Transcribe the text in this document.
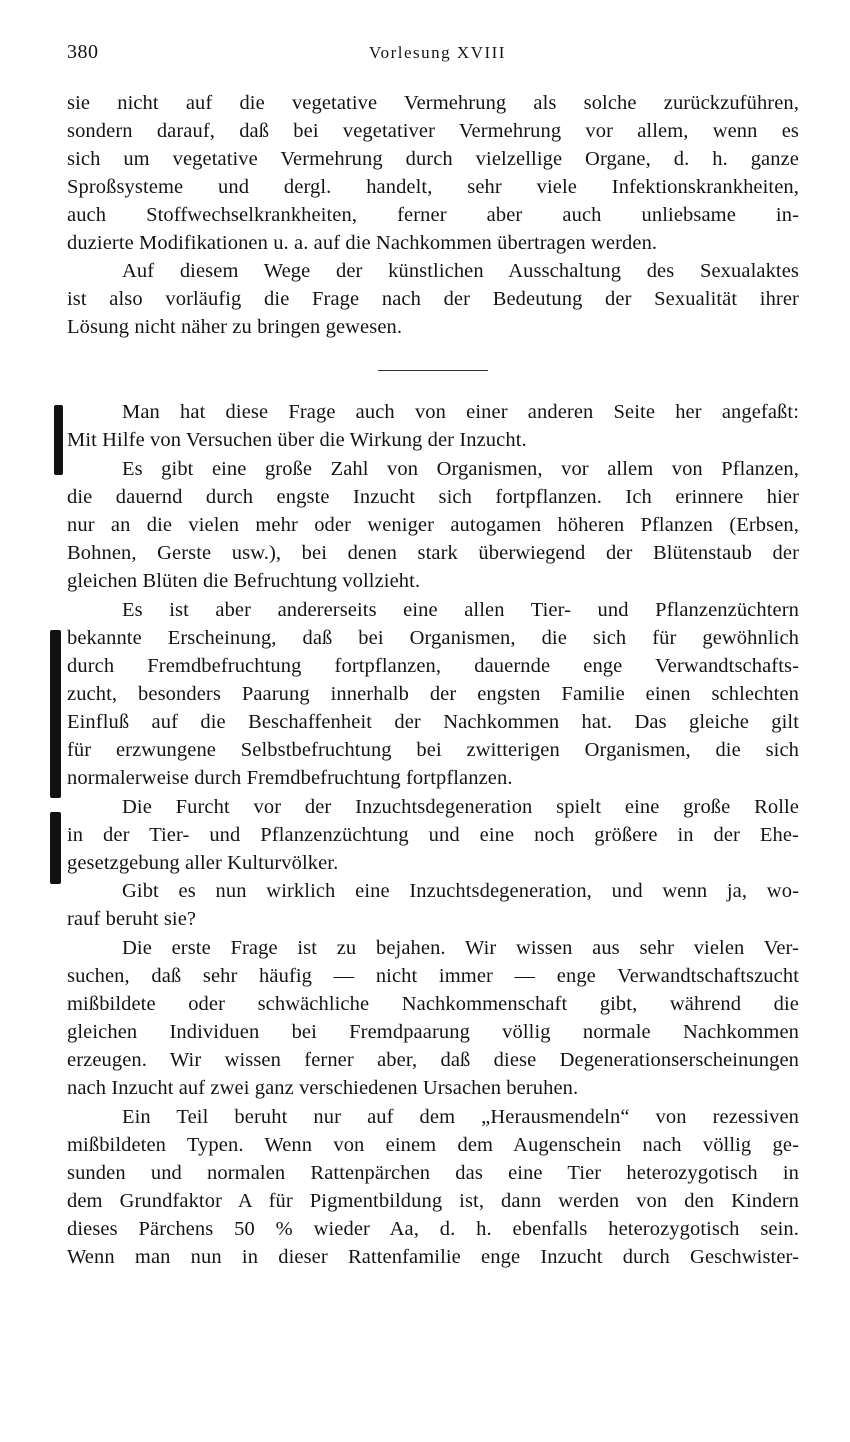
380	Vorlesung XVIII
sie nicht auf die vegetative Vermehrung als solche zurückzuführen,
sondern darauf, daß bei vegetativer Vermehrung vor allem, wenn es
sich um vegetative Vermehrung durch vielzellige Organe, d. h. ganze
Sproßsysteme und dergl. handelt, sehr viele Infektionskrankheiten,
auch Stoffwechselkrankheiten, ferner aber auch unliebsame in-
duzierte Modifikationen u. a. auf die Nachkommen übertragen werden.
Auf diesem Wege der künstlichen Ausschaltung des Sexualaktes
ist also vorläufig die Frage nach der Bedeutung der Sexualität ihrer
Lösung nicht näher zu bringen gewesen.
Man hat diese Frage auch von einer anderen Seite her angefaßt:
Mit Hilfe von Versuchen über die Wirkung der Inzucht.
Es gibt eine große Zahl von Organismen, vor allem von Pflanzen,
die dauernd durch engste Inzucht sich fortpflanzen. Ich erinnere hier
nur an die vielen mehr oder weniger autogamen höheren Pflanzen (Erbsen,
Bohnen, Gerste usw.), bei denen stark überwiegend der Blütenstaub der
gleichen Blüten die Befruchtung vollzieht.
Es ist aber andererseits eine allen Tier- und Pflanzenzüchtern
bekannte Erscheinung, daß bei Organismen, die sich für gewöhnlich
durch Fremdbefruchtung fortpflanzen, dauernde enge Verwandtschafts-
zucht, besonders Paarung innerhalb der engsten Familie einen schlechten
Einfluß auf die Beschaffenheit der Nachkommen hat. Das gleiche gilt
für erzwungene Selbstbefruchtung bei zwitterigen Organismen, die sich
normalerweise durch Fremdbefruchtung fortpflanzen.
Die Furcht vor der Inzuchtsdegeneration spielt eine große Rolle
in der Tier- und Pflanzenzüchtung und eine noch größere in der Ehe-
gesetzgebung aller Kulturvölker.
Gibt es nun wirklich eine Inzuchtsdegeneration, und wenn ja, wo-
rauf beruht sie?
Die erste Frage ist zu bejahen. Wir wissen aus sehr vielen Ver-
suchen, daß sehr häufig — nicht immer — enge Verwandtschaftszucht
mißbildete oder schwächliche Nachkommenschaft gibt, während die
gleichen Individuen bei Fremdpaarung völlig normale Nachkommen
erzeugen. Wir wissen ferner aber, daß diese Degenerationserscheinungen
nach Inzucht auf zwei ganz verschiedenen Ursachen beruhen.
Ein Teil beruht nur auf dem „Herausmendeln“ von rezessiven
mißbildeten Typen. Wenn von einem dem Augenschein nach völlig ge-
sunden und normalen Rattenpärchen das eine Tier heterozygotisch in
dem Grundfaktor A für Pigmentbildung ist, dann werden von den Kindern
dieses Pärchens 50 % wieder Aa, d. h. ebenfalls heterozygotisch sein.
Wenn man nun in dieser Rattenfamilie enge Inzucht durch Geschwister-
